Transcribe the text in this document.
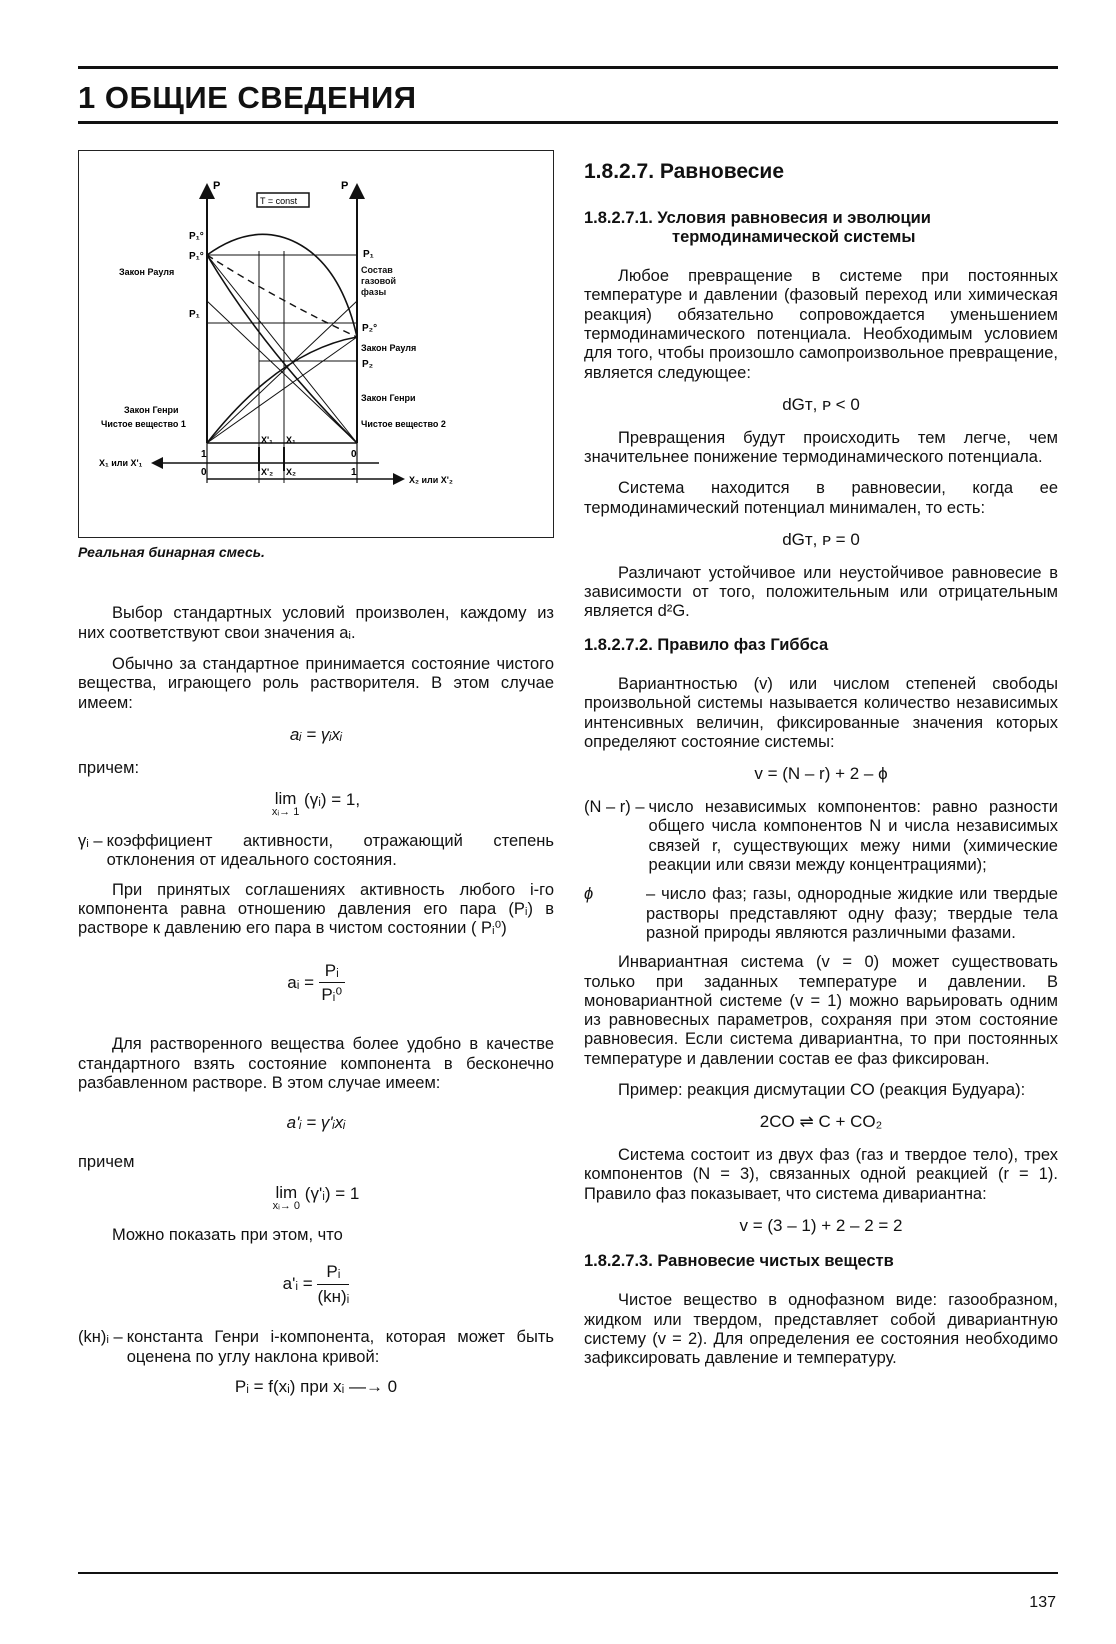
1 ОБЩИЕ СВЕДЕНИЯ
P	P
T = const
P₁°
P₁°
Закон Рауля
P₁
Закон Генри
Чистое вещество 1
P₁
Состав газовой фазы
P₂°
Закон Рауля
P₂
Закон Генри
Чистое вещество 2
X₁ или X'₁
X₂ или X'₂
X'₁ X₁
X'₂ X₂
1
0
0
1
Реальная бинарная смесь.

Выбор стандартных условий произволен, каждому из них соответствуют свои значения aᵢ.

Обычно за стандартное принимается состояние чистого вещества, играющего роль растворителя. В этом случае имеем:

aᵢ = γᵢxᵢ

причем:

lim
xᵢ→ 1
(γᵢ) = 1,
γᵢ – коэффициент активности, отражающий степень отклонения от идеального состояния.

При принятых соглашениях активность любого i-го компонента равна отношению давления его пара (Pᵢ) в растворе к давлению его пара в чистом состоянии ( Pᵢ⁰)

aᵢ = $\frac{\text{Pᵢ}}{\text{Pᵢ⁰}}$

Для растворенного вещества более удобно в качестве стандартного взять состояние компонента в бесконечно разбавленном растворе. В этом случае имеем:

a'ᵢ = γ'ᵢxᵢ

причем

lim
xᵢ→ 0
(γ'ᵢ) = 1

Можно показать при этом, что

a'ᵢ = $\frac{\text{Pᵢ}}{\text{(kн)ᵢ}}$
(kн)ᵢ – константа Генри i-компонента, которая может быть оценена по углу наклона кривой:
Pᵢ = f(xᵢ) при xᵢ —→ 0
1.8.2.7. Равновесие
1.8.2.7.1. Условия равновесия и эволюции
термодинамической системы

Любое превращение в системе при постоянных температуре и давлении (фазовый переход или химическая реакция) обязательно сопровождается уменьшением термодинамического потенциала. Необходимым условием для того, чтобы произошло самопроизвольное превращение, является следующее:

dGᴛ, ᴘ < 0

Превращения будут происходить тем легче, чем значительнее понижение термодинамического потенциала.

Система находится в равновесии, когда ее термодинамический потенциал минимален, то есть:

dGᴛ, ᴘ = 0

Различают устойчивое или неустойчивое равновесие в зависимости от того, положительным или отрицательным является d²G.

1.8.2.7.2. Правило фаз Гиббса

Вариантностью (v) или числом степеней свободы произвольной системы называется количество независимых интенсивных величин, фиксированные значения которых определяют состояние системы:

v = (N – r) + 2 – ϕ
(N – r) – число независимых компонентов: равно разности общего числа компонентов N и числа независимых связей r, существующих межу ними (химические реакции или связи между концентрациями);
ϕ	– число фаз; газы, однородные жидкие или твердые растворы представляют одну фазу; твердые тела разной природы являются различными фазами.

Инвариантная система (v = 0) может существовать только при заданных температуре и давлении. В моновариантной системе (v = 1) можно варьировать одним из равновесных параметров, сохраняя при этом состояние равновесия. Если система дивариантна, то при постоянных температуре и давлении состав ее фаз фиксирован.

Пример: реакция дисмутации CO (реакция Будуара):

2CO ⇌ C + CO₂

Система состоит из двух фаз (газ и твердое тело), трех компонентов (N = 3), связанных одной реакцией (r = 1). Правило фаз показывает, что система дивариантна:

v = (3 – 1) + 2 – 2 = 2
1.8.2.7.3. Равновесие чистых веществ

Чистое вещество в однофазном виде: газообразном, жидком или твердом, представляет собой дивариантную систему (v = 2). Для определения ее состояния необходимо зафиксировать давление и температуру.

137
